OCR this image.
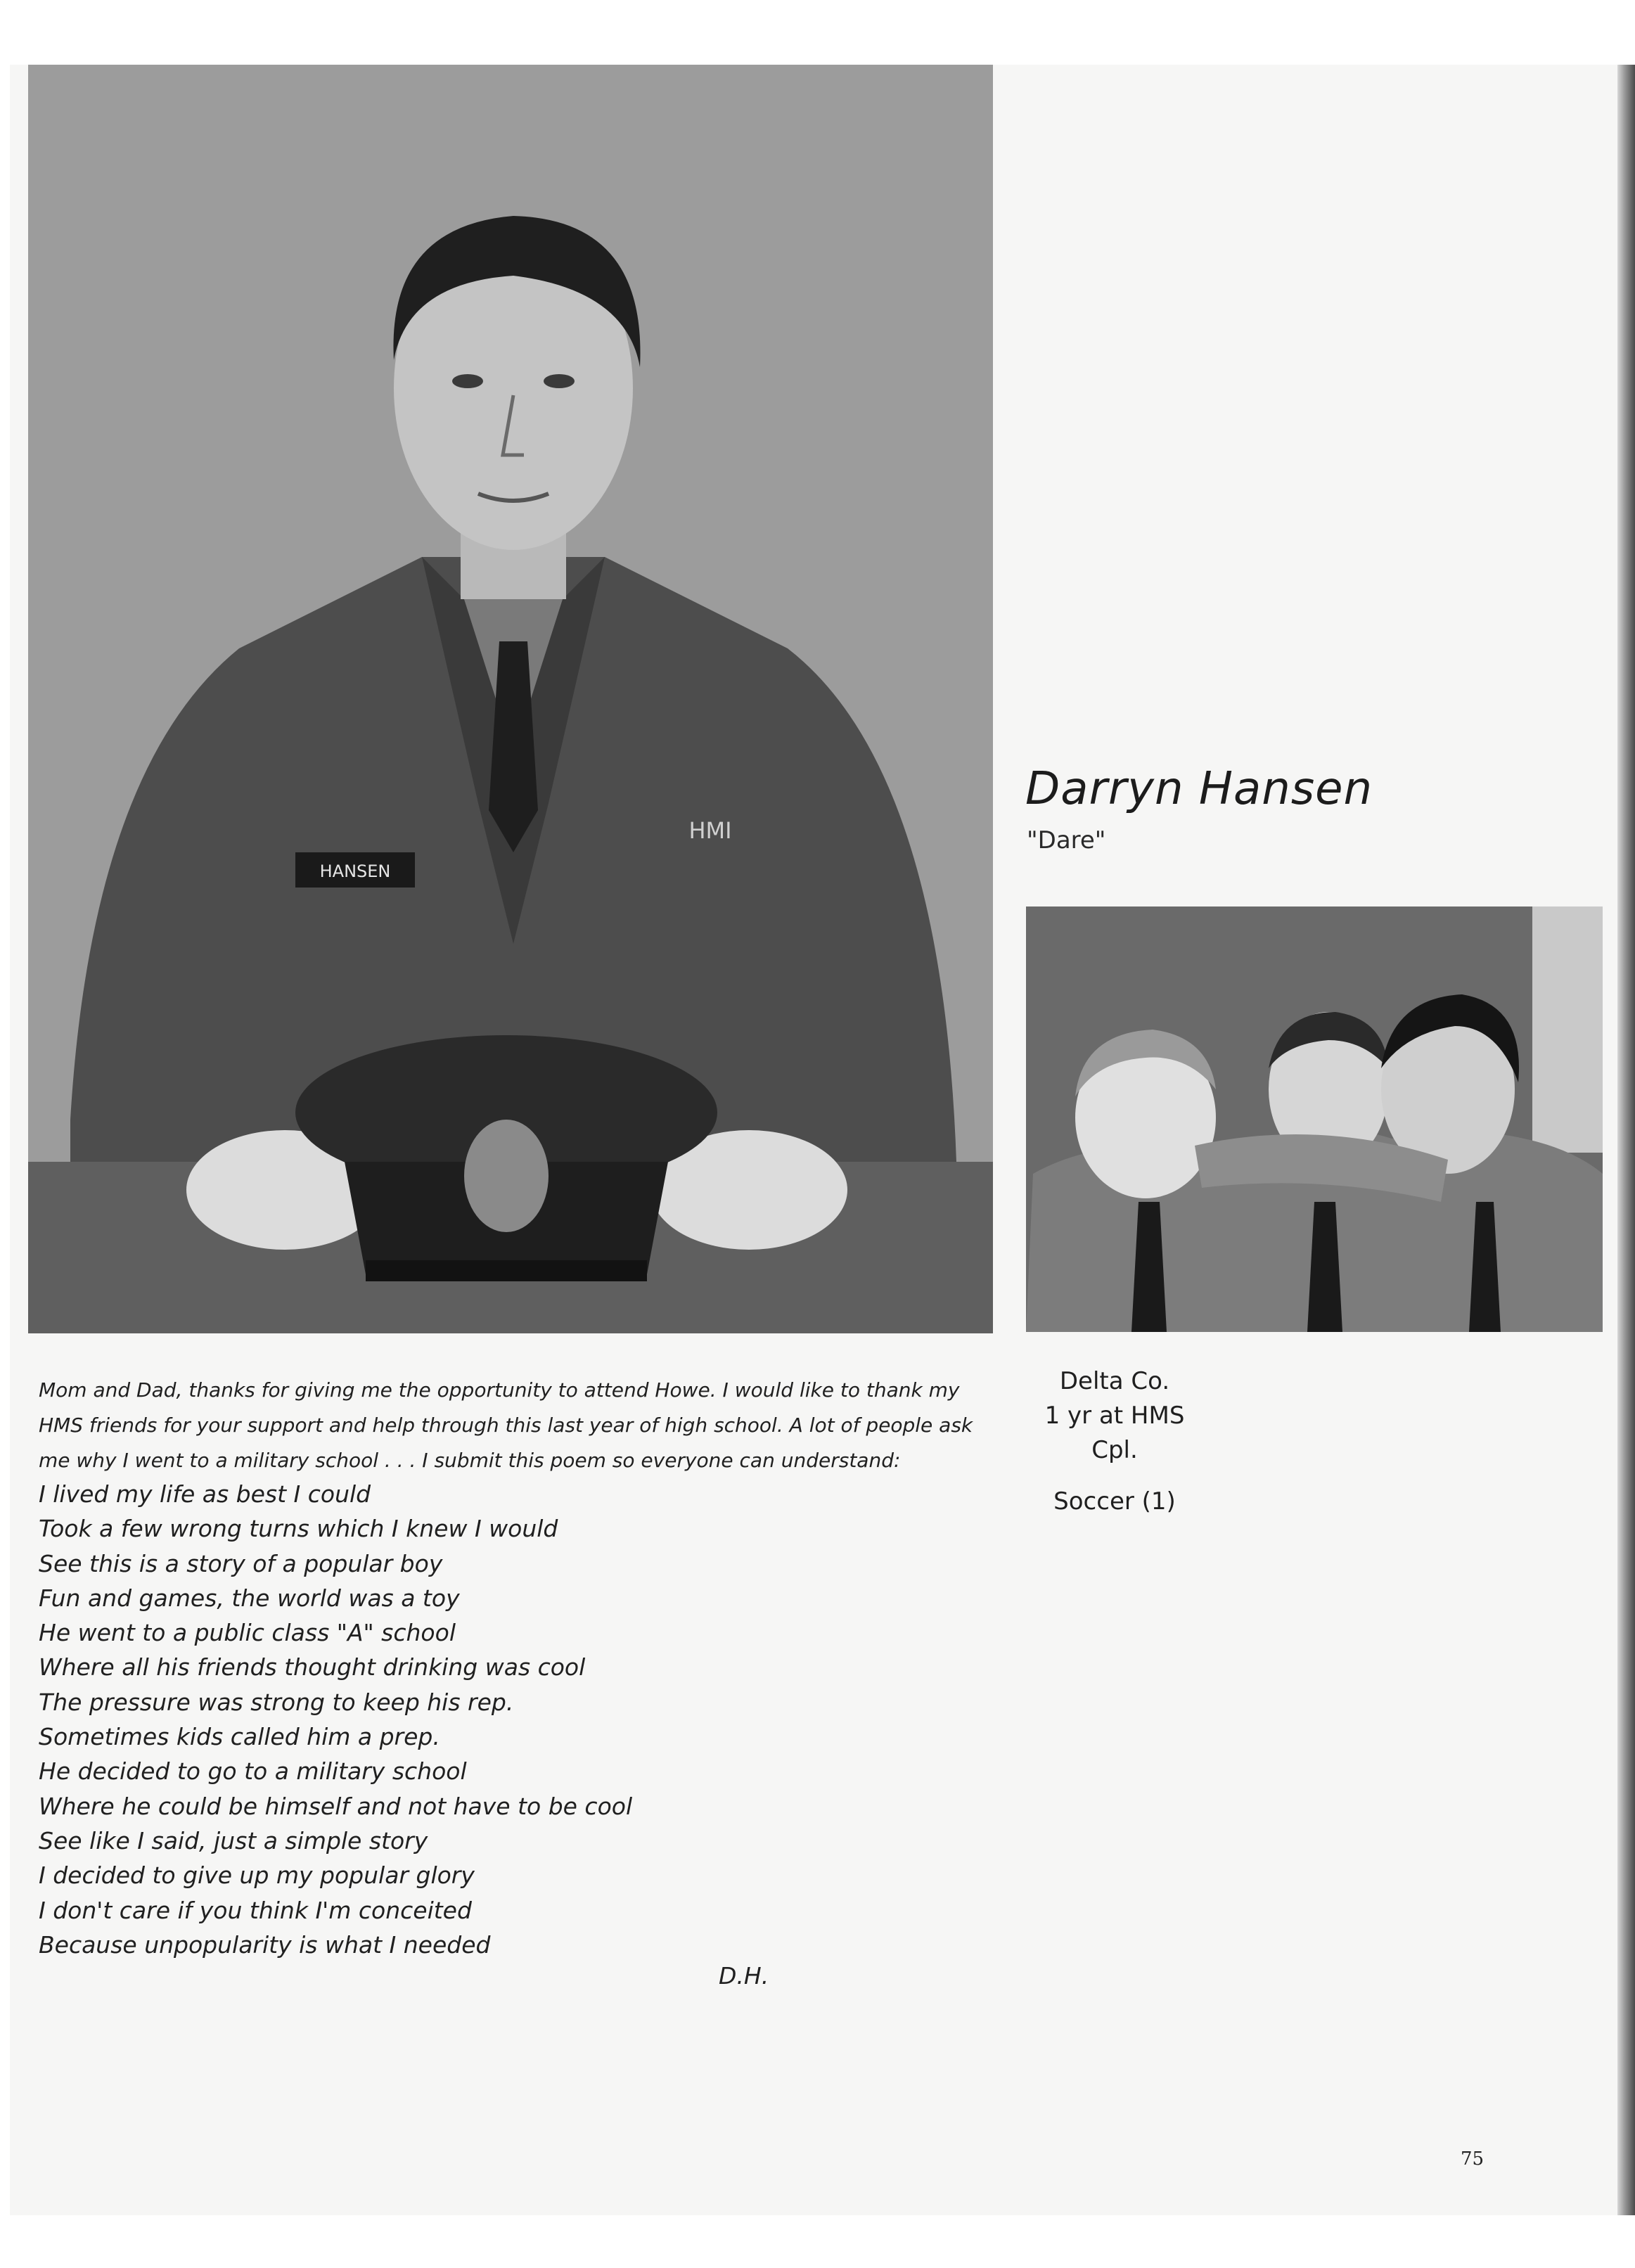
HANSEN
HMI
Darryn Hansen
"Dare"
Mom and Dad, thanks for giving me the opportunity to attend Howe. I would like to thank my HMS friends for your support and help through this last year of high school. A lot of people ask me why I went to a military school . . . I submit this poem so everyone can understand:
I lived my life as best I could
Took a few wrong turns which I knew I would
See this is a story of a popular boy
Fun and games, the world was a toy
He went to a public class "A" school
Where all his friends thought drinking was cool
The pressure was strong to keep his rep.
Sometimes kids called him a prep.
He decided to go to a military school
Where he could be himself and not have to be cool
See like I said, just a simple story
I decided to give up my popular glory
I don't care if you think I'm conceited
Because unpopularity is what I needed
D.H.
Delta Co.
1 yr at HMS
Cpl.
Soccer (1)
75
